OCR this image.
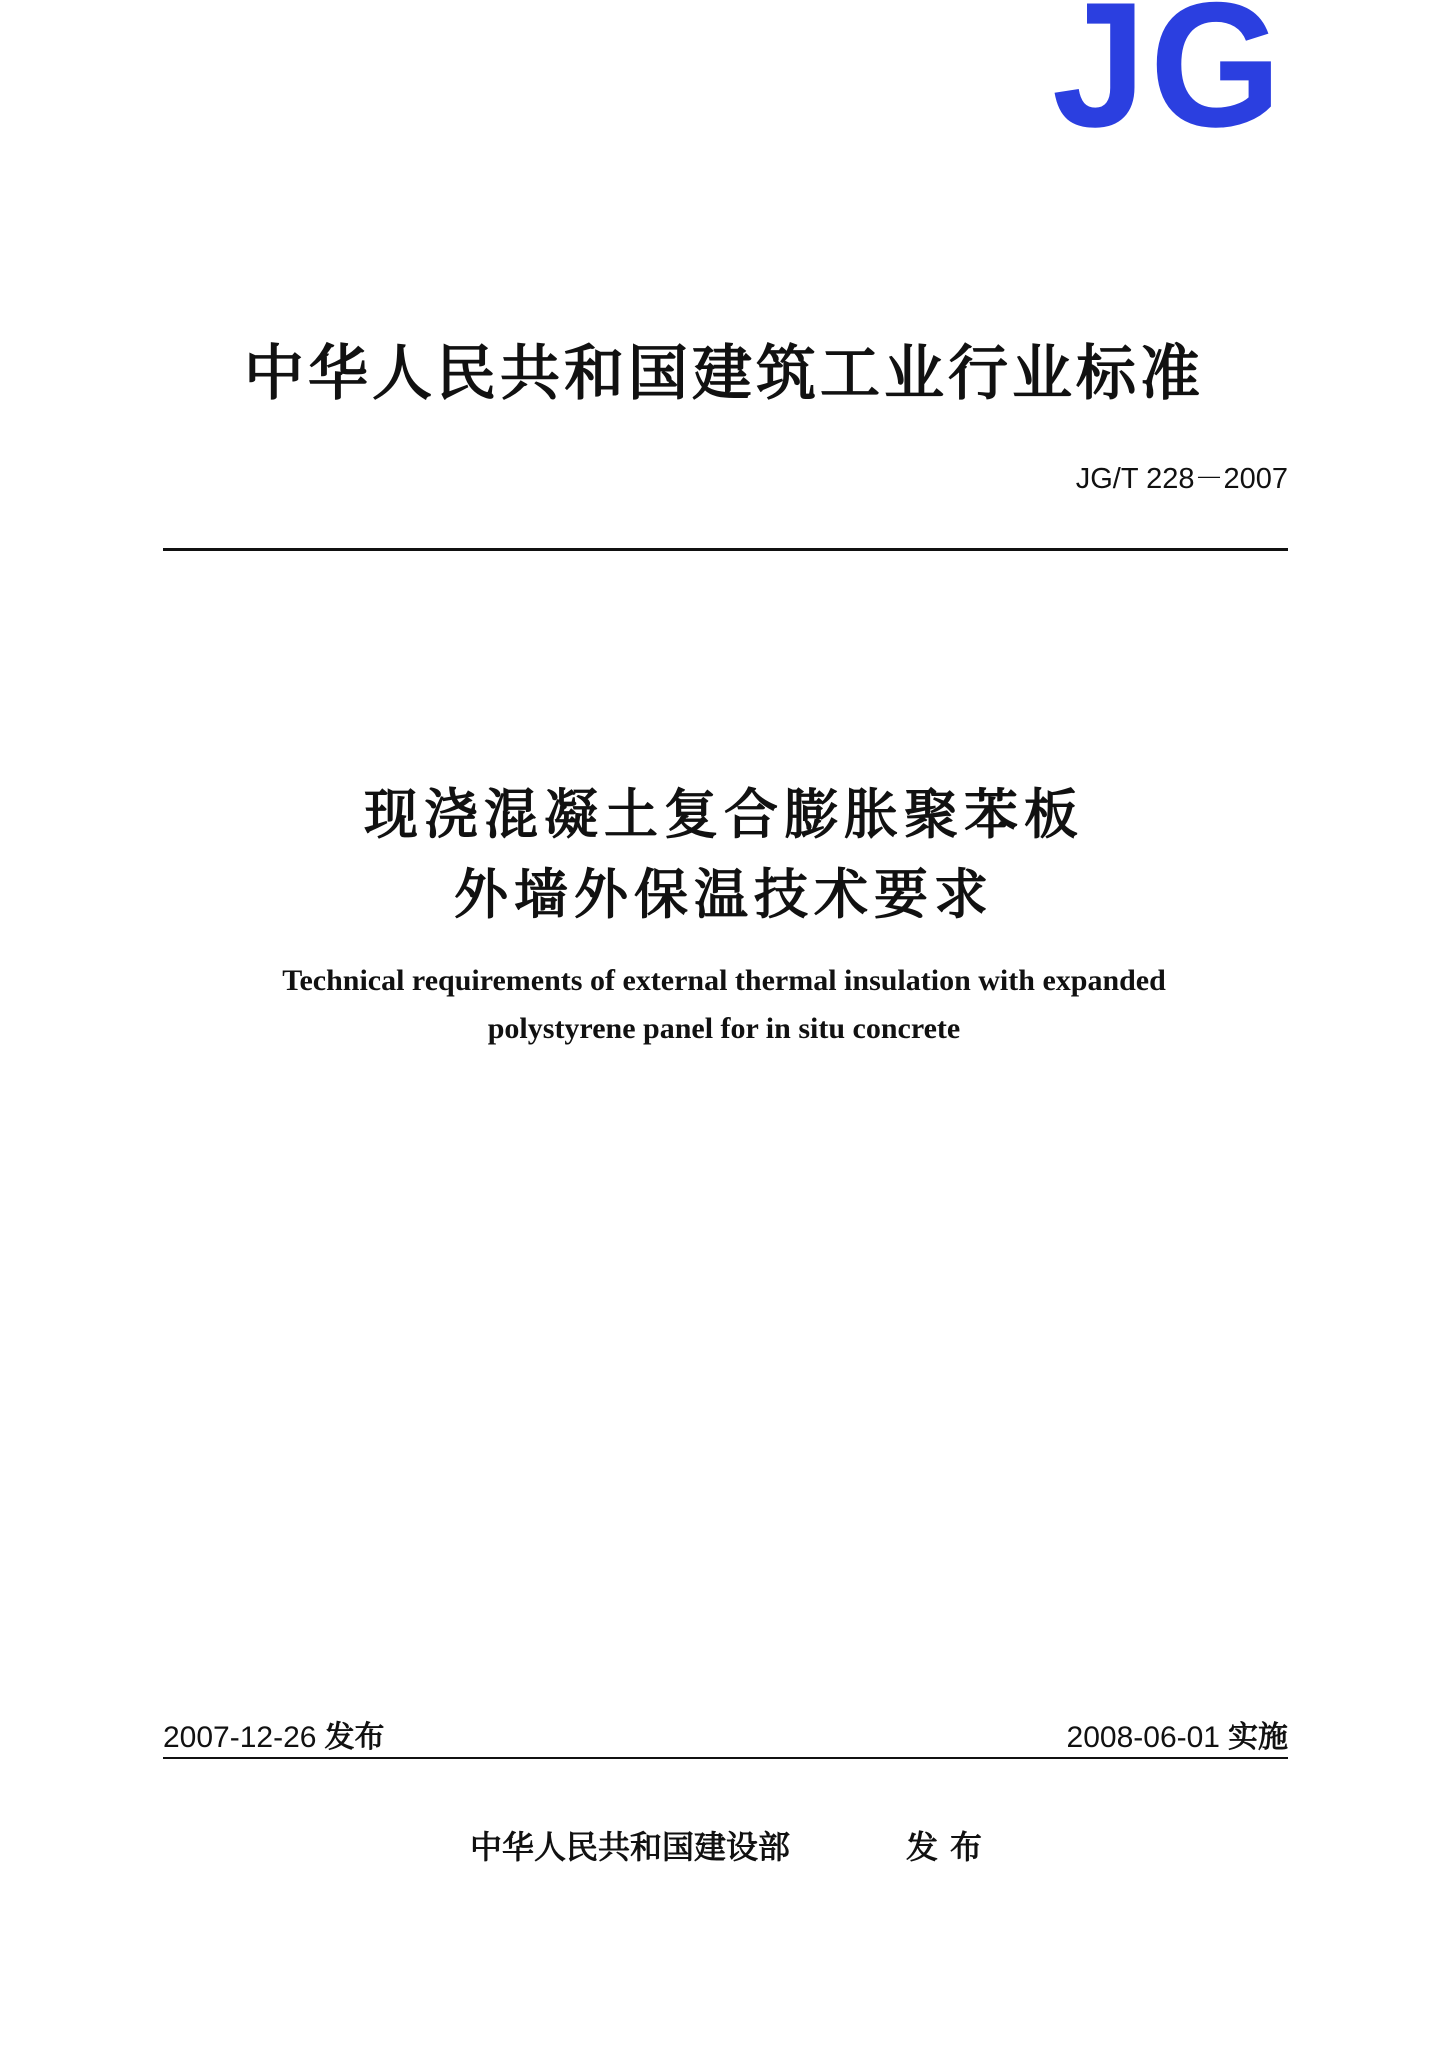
JG
中华人民共和国建筑工业行业标准
JG/T 228－2007
现浇混凝土复合膨胀聚苯板
外墙外保温技术要求
Technical requirements of external thermal insulation with expanded
polystyrene panel for in situ concrete
2007-12-26 发布	2008-06-01 实施
中华人民共和国建设部	发布
